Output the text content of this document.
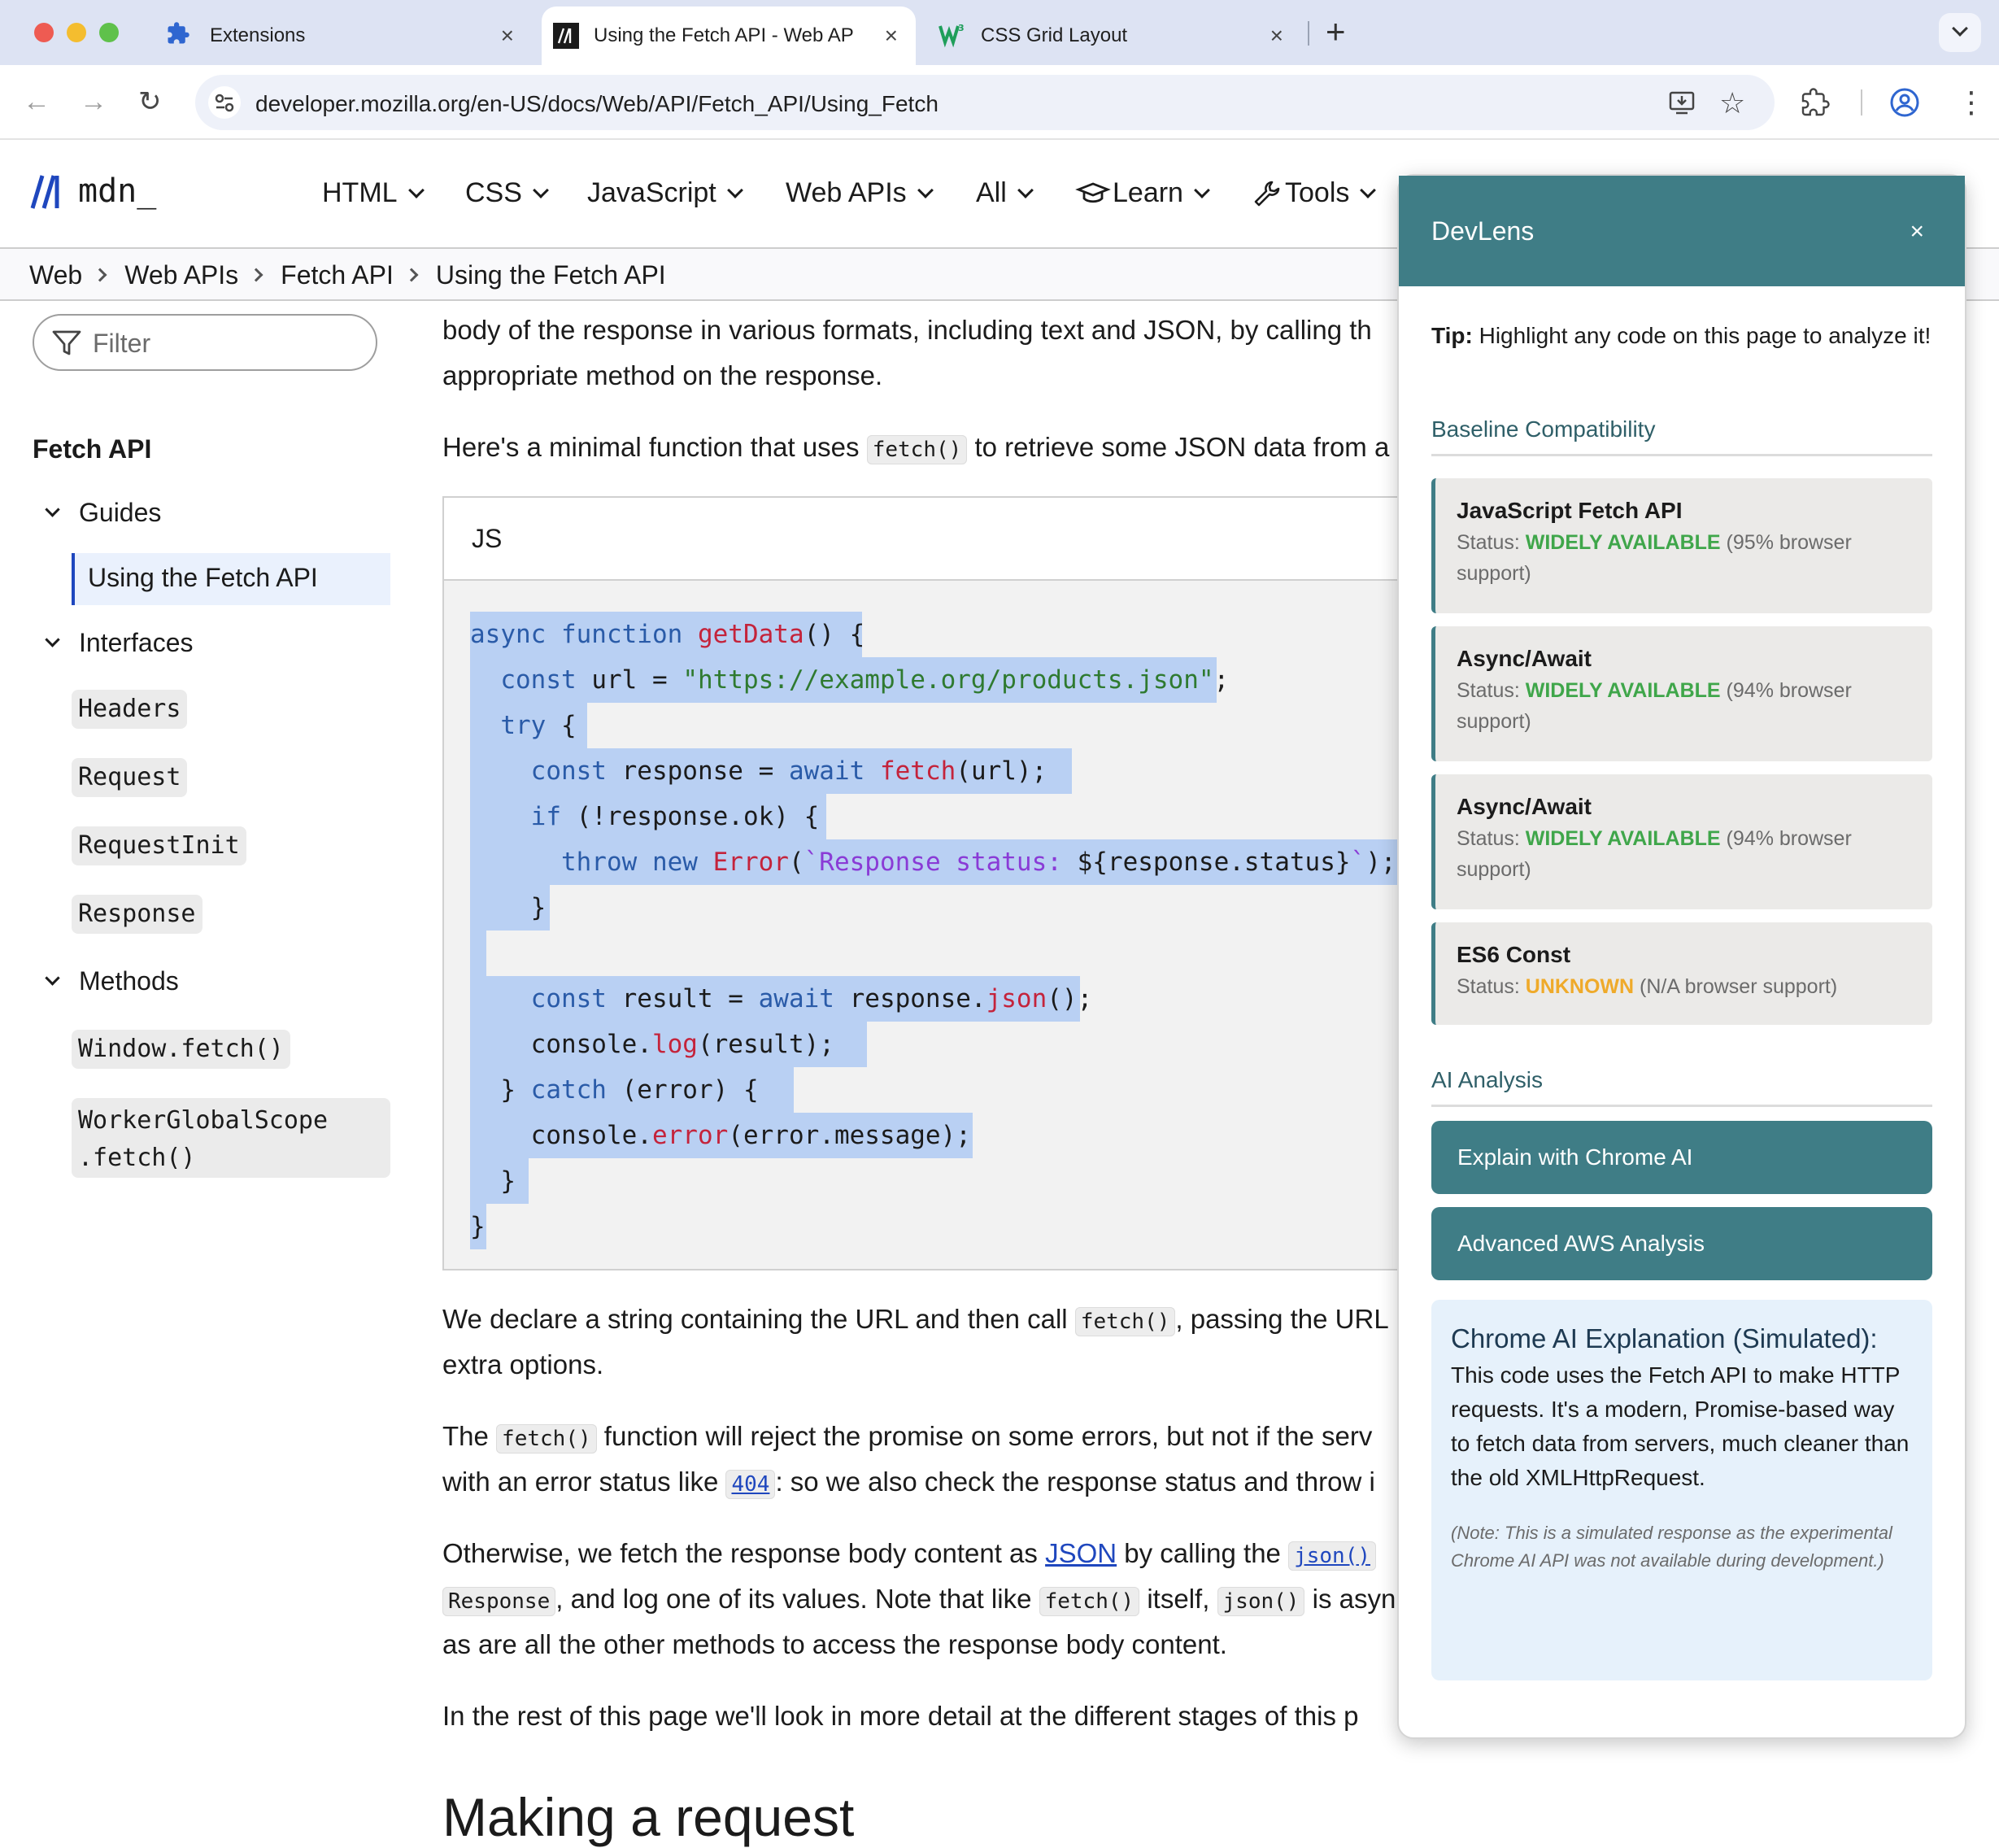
Extensions	×	Using the Fetch API - Web AP	×	3 CSS Grid Layout	× +
← → ↻	developer.mozilla.org/en-US/docs/Web/API/Fetch_API/Using_Fetch	☆	⋮
mdn_	HTML CSS JavaScript	Web APIs	All	Learn	Tools
Web Web APIs Fetch API Using the Fetch API
Filter
Fetch API
Guides
Using the Fetch API
Interfaces
Headers
Request
RequestInit
Response
Methods
Window.fetch()
WorkerGlobalScope
.fetch()
body of the response in various formats, including text and JSON, by calling th
appropriate method on the response.
Here's a minimal function that uses fetch() to retrieve some JSON data from a
JS
async function getData() {
const url = "https://example.org/products.json";
try {
const response = await fetch(url);
if (!response.ok) {
throw new Error(`Response status: ${response.status}`);
}

const result = await response.json();
console.log(result);
} catch (error) {
console.error(error.message);
}
}
We declare a string containing the URL and then call fetch() , passing the URL
extra options.
The fetch() function will reject the promise on some errors, but not if the serv
with an error status like 404 : so we also check the response status and throw i
Otherwise, we fetch the response body content as JSON by calling the json()
Response , and log one of its values. Note that like fetch() itself, json() is asyn
as are all the other methods to access the response body content.
In the rest of this page we'll look in more detail at the different stages of this p
Making a request
DevLens	×
Tip: Highlight any code on this page to analyze it!
Baseline Compatibility
JavaScript Fetch API
Status: WIDELY AVAILABLE (95% browser support)
Async/Await
Status: WIDELY AVAILABLE (94% browser support)
Async/Await
Status: WIDELY AVAILABLE (94% browser support)
ES6 Const
Status: UNKNOWN (N/A browser support)
AI Analysis
Explain with Chrome AI
Advanced AWS Analysis
Chrome AI Explanation (Simulated):
This code uses the Fetch API to make HTTP requests. It's a modern, Promise-based way to fetch data from servers, much cleaner than the old XMLHttpRequest.
(Note: This is a simulated response as the experimental Chrome AI API was not available during development.)
